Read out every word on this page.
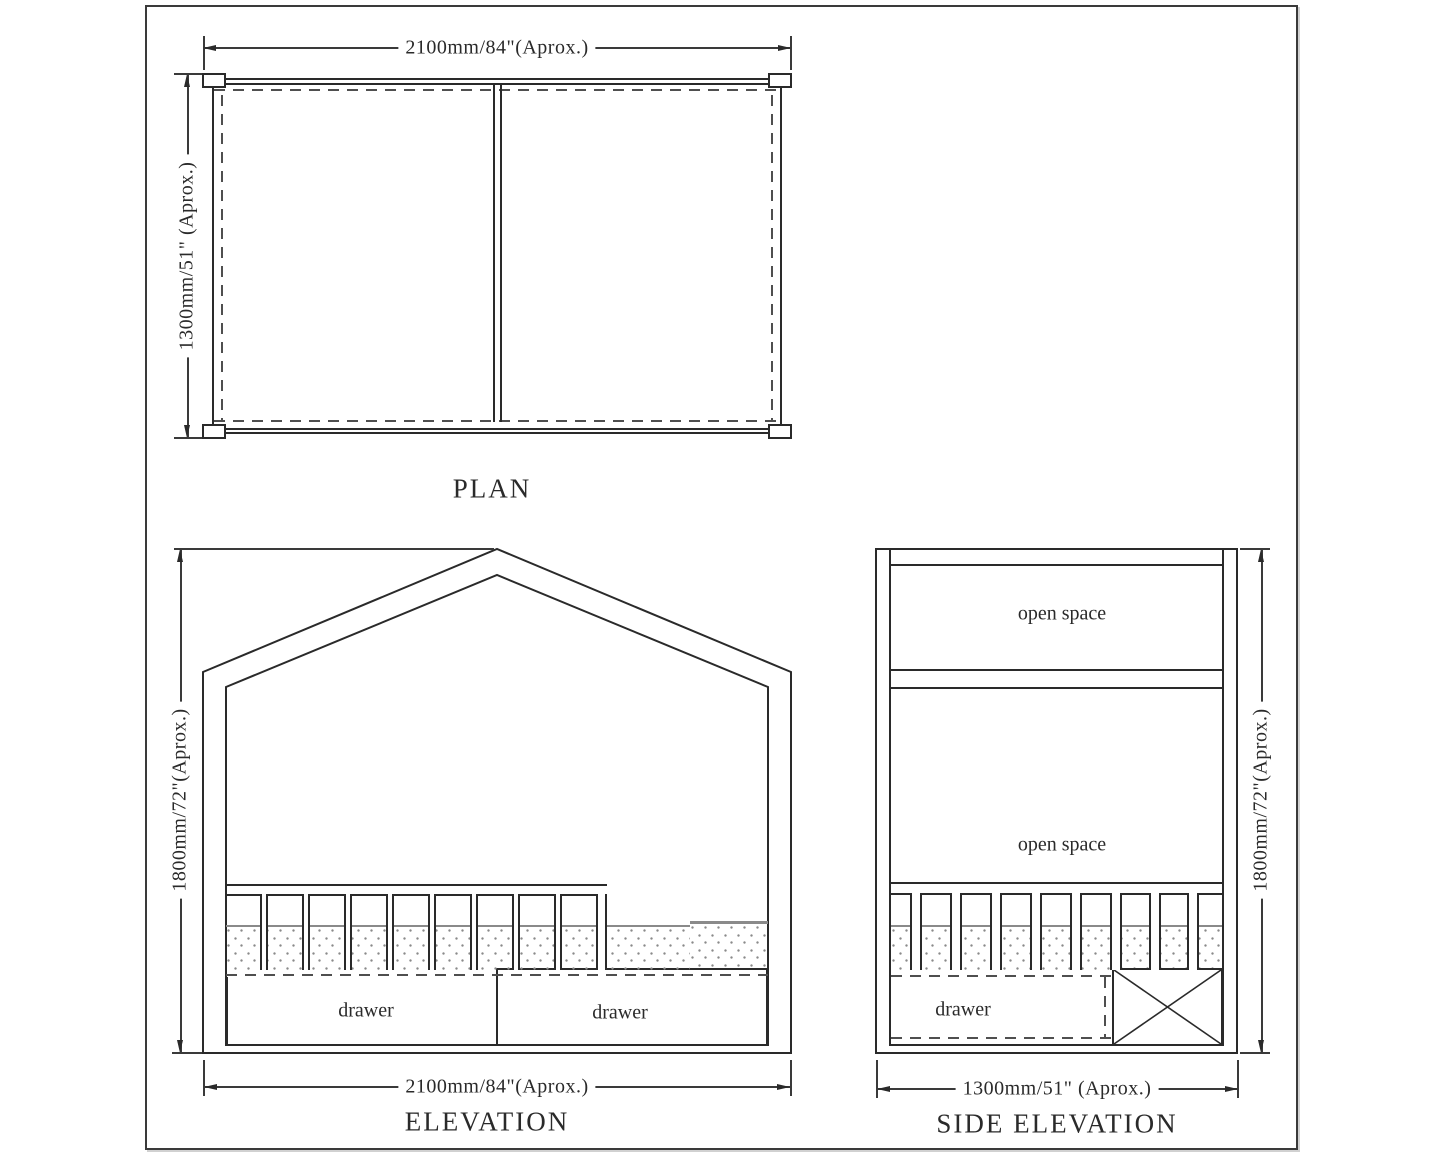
2100mm/84"(Aprox.)
1300mm/51" (Aprox.)
PLAN
drawer	drawer
2100mm/84"(Aprox.)
1800mm/72"(Aprox.)
ELEVATION
open space
open space
drawer
1300mm/51" (Aprox.)
1800mm/72"(Aprox.)
SIDE ELEVATION
